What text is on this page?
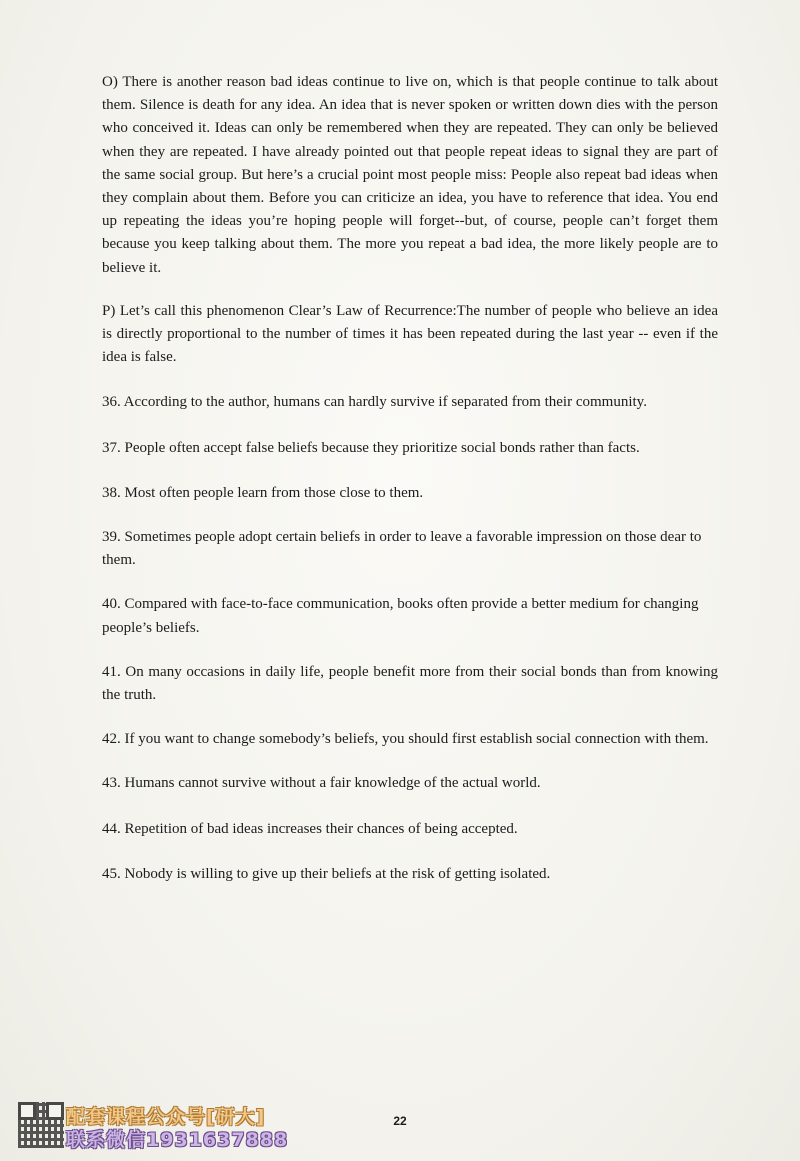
O) There is another reason bad ideas continue to live on, which is that people continue to talk about them. Silence is death for any idea. An idea that is never spoken or written down dies with the person who conceived it. Ideas can only be remembered when they are repeated. They can only be believed when they are repeated. I have already pointed out that people repeat ideas to signal they are part of the same social group. But here’s a crucial point most people miss: People also repeat bad ideas when they complain about them. Before you can criticize an idea, you have to reference that idea. You end up repeating the ideas you’re hoping people will forget--but, of course, people can’t forget them because you keep talking about them. The more you repeat a bad idea, the more likely people are to believe it.

P) Let’s call this phenomenon Clear’s Law of Recurrence:The number of people who believe an idea is directly proportional to the number of times it has been repeated during the last year -- even if the idea is false.

36. According to the author, humans can hardly survive if separated from their community.

37. People often accept false beliefs because they prioritize social bonds rather than facts.

38. Most often people learn from those close to them.

39. Sometimes people adopt certain beliefs in order to leave a favorable impression on those dear to them.

40. Compared with face-to-face communication, books often provide a better medium for changing people’s beliefs.

41. On many occasions in daily life, people benefit more from their social bonds than from knowing the truth.

42. If you want to change somebody’s beliefs, you should first establish social connection with them.

43. Humans cannot survive without a fair knowledge of the actual world.

44. Repetition of bad ideas increases their chances of being accepted.

45. Nobody is willing to give up their beliefs at the risk of getting isolated.

22
配套课程公众号[研大]
联系微信1931637888
